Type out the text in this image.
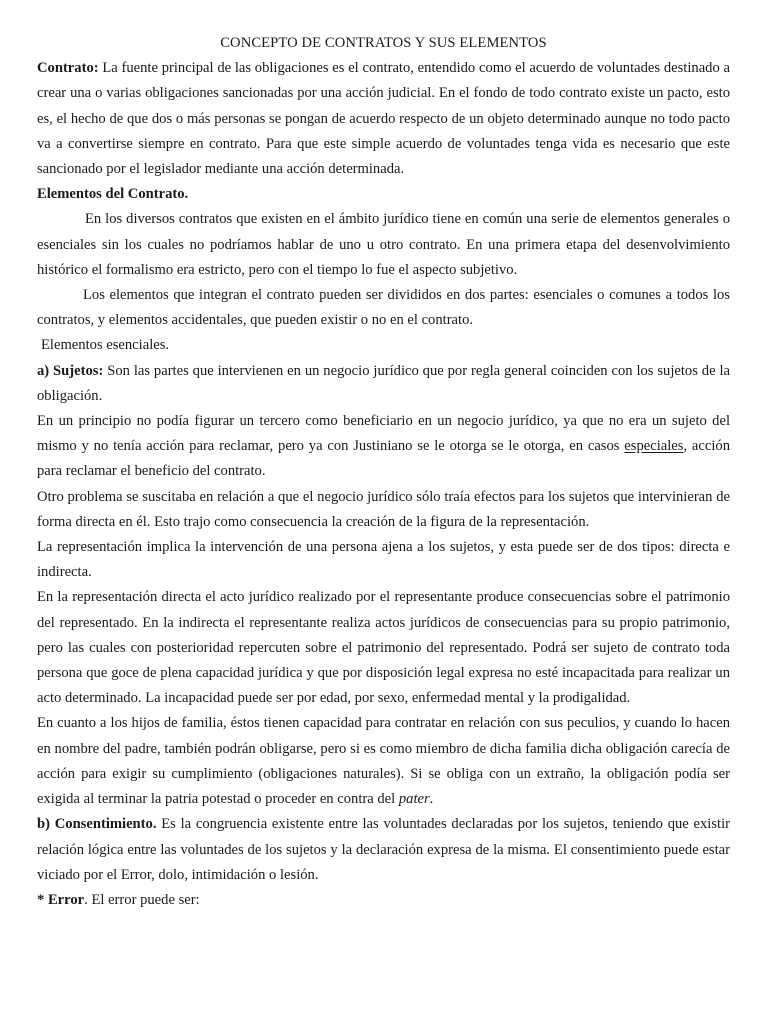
CONCEPTO DE CONTRATOS Y SUS ELEMENTOS

Contrato: La fuente principal de las obligaciones es el contrato, entendido como el acuerdo de voluntades destinado a crear una o varias obligaciones sancionadas por una acción judicial. En el fondo de todo contrato existe un pacto, esto es, el hecho de que dos o más personas se pongan de acuerdo respecto de un objeto determinado aunque no todo pacto va a convertirse siempre en contrato. Para que este simple acuerdo de voluntades tenga vida es necesario que este sancionado por el legislador mediante una acción determinada.

Elementos del Contrato.

En los diversos contratos que existen en el ámbito jurídico tiene en común una serie de elementos generales o esenciales sin los cuales no podríamos hablar de uno u otro contrato. En una primera etapa del desenvolvimiento histórico el formalismo era estricto, pero con el tiempo lo fue el aspecto subjetivo.

Los elementos que integran el contrato pueden ser divididos en dos partes: esenciales o comunes a todos los contratos, y elementos accidentales, que pueden existir o no en el contrato.

Elementos esenciales.

a) Sujetos: Son las partes que intervienen en un negocio jurídico que por regla general coinciden con los sujetos de la obligación.

En un principio no podía figurar un tercero como beneficiario en un negocio jurídico, ya que no era un sujeto del mismo y no tenía acción para reclamar, pero ya con Justiniano se le otorga se le otorga, en casos especiales, acción para reclamar el beneficio del contrato.

Otro problema se suscitaba en relación a que el negocio jurídico sólo traía efectos para los sujetos que intervinieran de forma directa en él. Esto trajo como consecuencia la creación de la figura de la representación.

La representación implica la intervención de una persona ajena a los sujetos, y esta puede ser de dos tipos: directa e indirecta.

En la representación directa el acto jurídico realizado por el representante produce consecuencias sobre el patrimonio del representado. En la indirecta el representante realiza actos jurídicos de consecuencias para su propio patrimonio, pero las cuales con posterioridad repercuten sobre el patrimonio del representado. Podrá ser sujeto de contrato toda persona que goce de plena capacidad jurídica y que por disposición legal expresa no esté incapacitada para realizar un acto determinado. La incapacidad puede ser por edad, por sexo, enfermedad mental y la prodigalidad.

En cuanto a los hijos de familia, éstos tienen capacidad para contratar en relación con sus peculios, y cuando lo hacen en nombre del padre, también podrán obligarse, pero si es como miembro de dicha familia dicha obligación carecía de acción para exigir su cumplimiento (obligaciones naturales). Si se obliga con un extraño, la obligación podía ser exigida al terminar la patria potestad o proceder en contra del pater.

b) Consentimiento. Es la congruencia existente entre las voluntades declaradas por los sujetos, teniendo que existir relación lógica entre las voluntades de los sujetos y la declaración expresa de la misma. El consentimiento puede estar viciado por el Error, dolo, intimidación o lesión.

* Error. El error puede ser:
